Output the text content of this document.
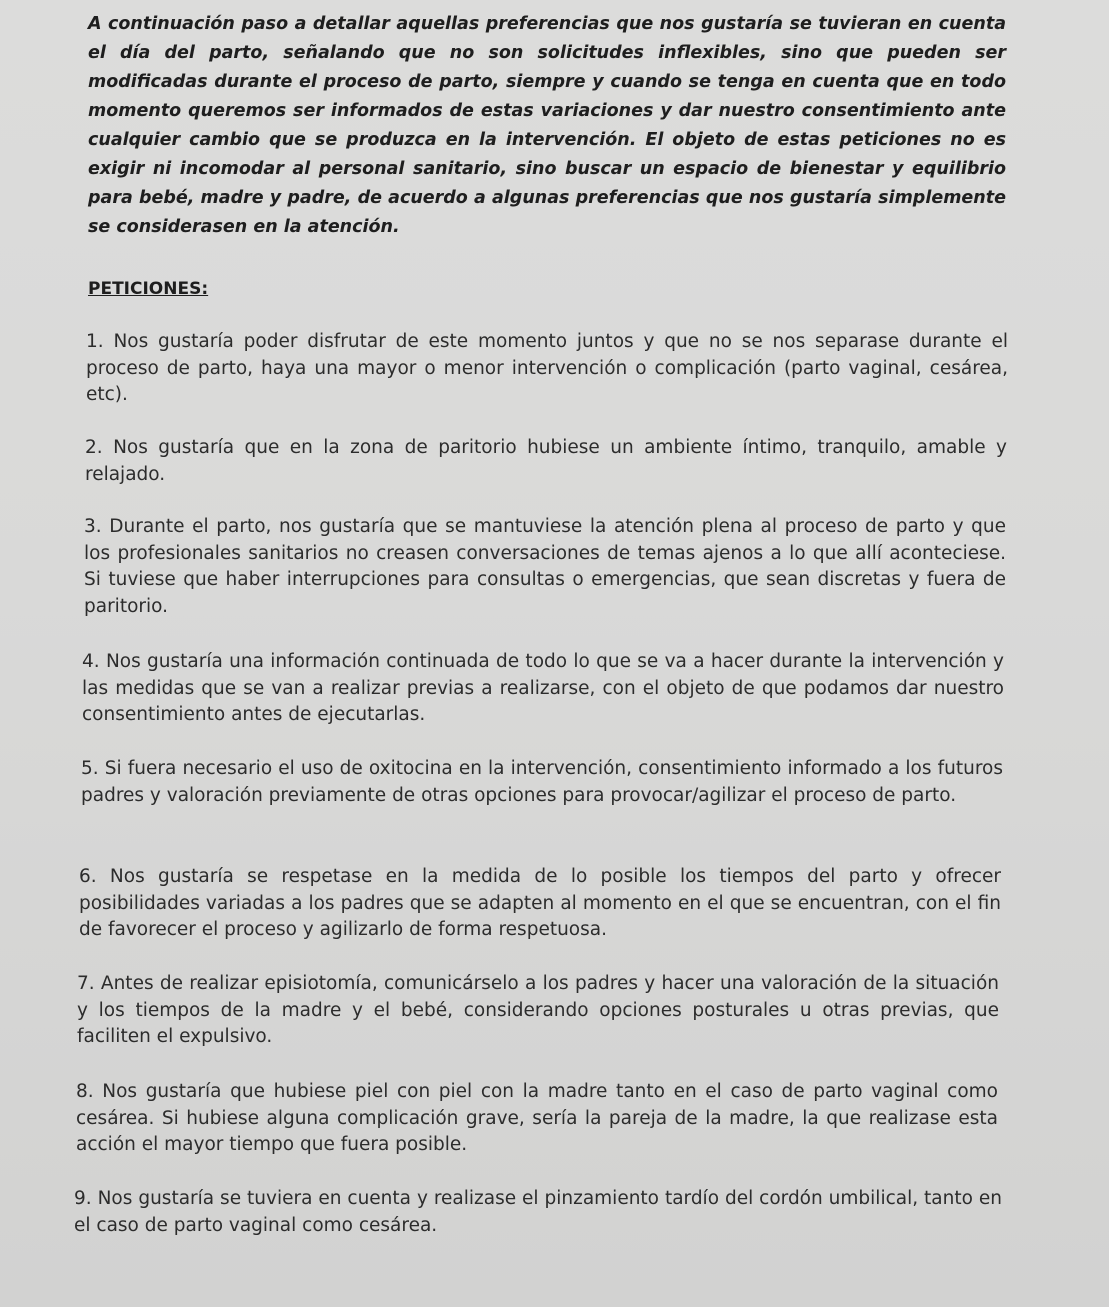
A continuación paso a detallar aquellas preferencias que nos gustaría se tuvieran en cuenta el día del parto, señalando que no son solicitudes inflexibles, sino que pueden ser modificadas durante el proceso de parto, siempre y cuando se tenga en cuenta que en todo momento queremos ser informados de estas variaciones y dar nuestro consentimiento ante cualquier cambio que se produzca en la intervención. El objeto de estas peticiones no es exigir ni incomodar al personal sanitario, sino buscar un espacio de bienestar y equilibrio para bebé, madre y padre, de acuerdo a algunas preferencias que nos gustaría simplemente se considerasen en la atención.

PETICIONES:

1. Nos gustaría poder disfrutar de este momento juntos y que no se nos separase durante el proceso de parto, haya una mayor o menor intervención o complicación (parto vaginal, cesárea, etc).

2. Nos gustaría que en la zona de paritorio hubiese un ambiente íntimo, tranquilo, amable y relajado.

3. Durante el parto, nos gustaría que se mantuviese la atención plena al proceso de parto y que los profesionales sanitarios no creasen conversaciones de temas ajenos a lo que allí aconteciese. Si tuviese que haber interrupciones para consultas o emergencias, que sean discretas y fuera de paritorio.

4. Nos gustaría una información continuada de todo lo que se va a hacer durante la intervención y las medidas que se van a realizar previas a realizarse, con el objeto de que podamos dar nuestro consentimiento antes de ejecutarlas.

5. Si fuera necesario el uso de oxitocina en la intervención, consentimiento informado a los futuros padres y valoración previamente de otras opciones para provocar/agilizar el proceso de parto.

6. Nos gustaría se respetase en la medida de lo posible los tiempos del parto y ofrecer posibilidades variadas a los padres que se adapten al momento en el que se encuentran, con el fin de favorecer el proceso y agilizarlo de forma respetuosa.

7. Antes de realizar episiotomía, comunicárselo a los padres y hacer una valoración de la situación y los tiempos de la madre y el bebé, considerando opciones posturales u otras previas, que faciliten el expulsivo.

8. Nos gustaría que hubiese piel con piel con la madre tanto en el caso de parto vaginal como cesárea. Si hubiese alguna complicación grave, sería la pareja de la madre, la que realizase esta acción el mayor tiempo que fuera posible.

9. Nos gustaría se tuviera en cuenta y realizase el pinzamiento tardío del cordón umbilical, tanto en el caso de parto vaginal como cesárea.
